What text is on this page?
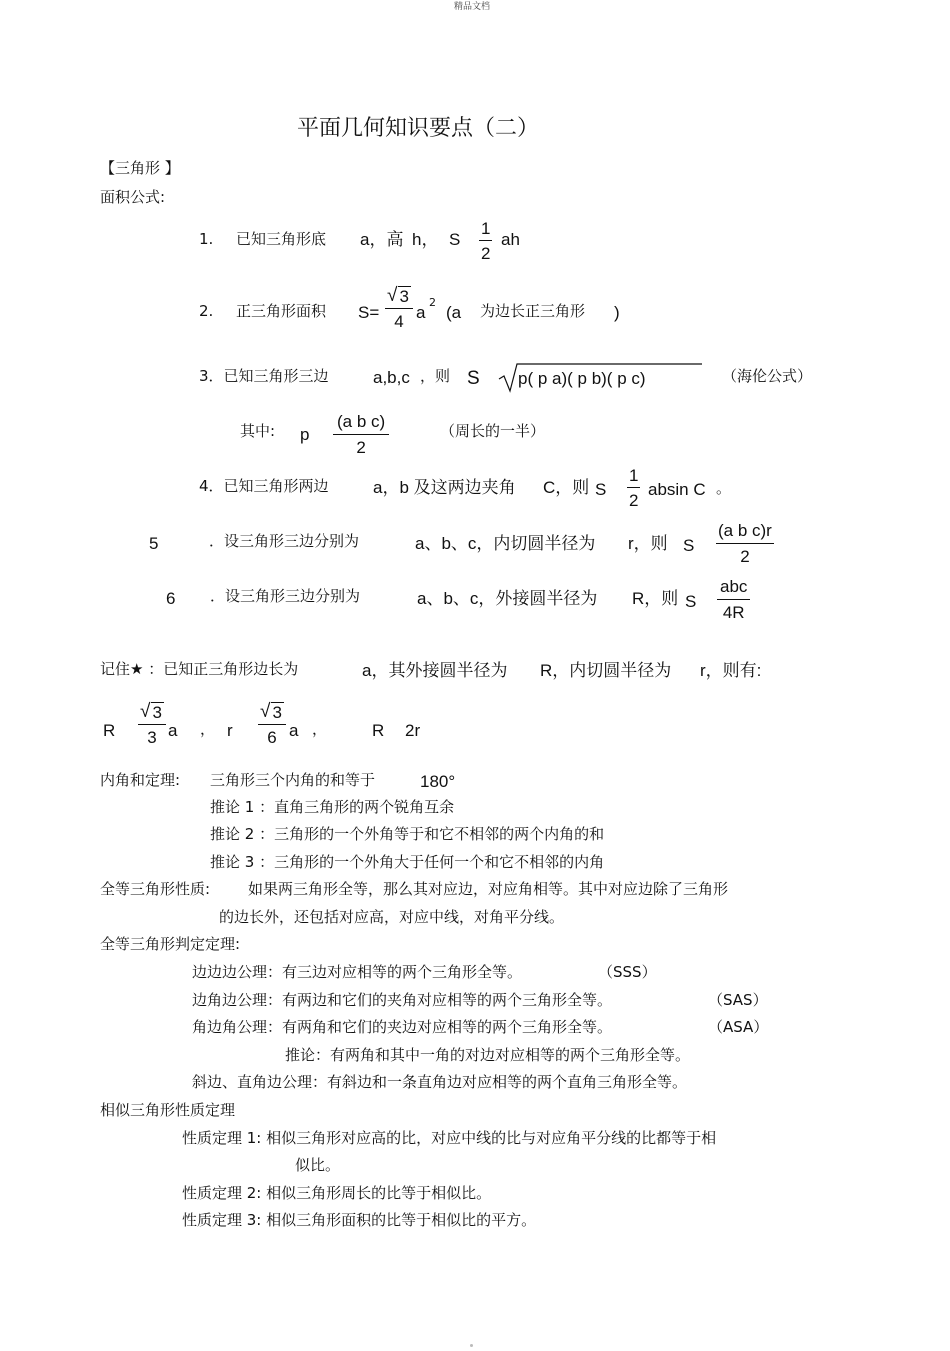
精品文档
平面几何知识要点（二）
【三角形 】
面积公式:
1. 已知三角形底 a，高 h， S $\frac{1}{2}$ ah
2. 正三角形面积 $S= \frac{√ 3}{4}$ a
2
(a 为边长正三角形 )
3．已知三角形三边	a,b,c ，则 S p( p a)( p b)( p c)	（海伦公式）
其中: p $\frac{\text{(a b c)}}{2}$	（周长的一半）
4．已知三角形两边	a，b 及这两边夹角 C，则 S $\frac{1}{2}$ absin C 。
5	．设三角形三边分别为	a、b、c，内切圆半径为 r，则 S $\frac{\text{(a b c)r}}{2}$
6 ．设三角形三边分别为	a、b、c，外接圆半径为 R，则 S
abc
4R
记住★ ：已知正三角形边长为	a，其外接圆半径为 R，内切圆半径为 r，则有:
R $\frac{√ 3}{3}$ a ， r $\frac{√ 3}{6}$ a ，	R 2r
内角和定理: 三角形三个内角的和等于	180°
推论 1 ：直角三角形的两个锐角互余
推论 2 ：三角形的一个外角等于和它不相邻的两个内角的和
推论 3 ：三角形的一个外角大于任何一个和它不相邻的内角
全等三角形性质:	如果两三角形全等，那么其对应边，对应角相等。其中对应边除了三角形
的边长外，还包括对应高，对应中线，对角平分线。
全等三角形判定定理:
边边边公理：有三边对应相等的两个三角形全等。	（SSS）
边角边公理：有两边和它们的夹角对应相等的两个三角形全等。	（SAS）
角边角公理：有两角和它们的夹边对应相等的两个三角形全等。	（ASA）
推论：有两角和其中一角的对边对应相等的两个三角形全等。
斜边、直角边公理：有斜边和一条直角边对应相等的两个直角三角形全等。
相似三角形性质定理
性质定理 1: 相似三角形对应高的比，对应中线的比与对应角平分线的比都等于相
似比。
性质定理 2: 相似三角形周长的比等于相似比。
性质定理 3: 相似三角形面积的比等于相似比的平方。
